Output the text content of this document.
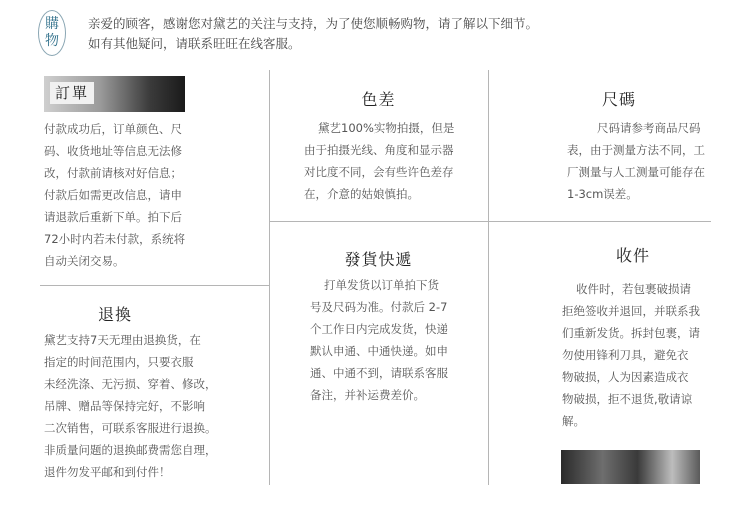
購
物
亲爱的顾客，感谢您对黛艺的关注与支持，为了使您顺畅购物，请了解以下细节。
如有其他疑问，请联系旺旺在线客服。
訂單
付款成功后，订单颜色、尺
码、收货地址等信息无法修
改，付款前请核对好信息；
付款后如需更改信息，请申
请退款后重新下单。拍下后
72小时内若未付款，系统将
自动关闭交易。
色差
黛艺100%实物拍摄，但是
由于拍摄光线、角度和显示器
对比度不同，会有些许色差存
在，介意的姑娘慎拍。
尺碼
尺码请参考商品尺码
表，由于测量方法不同，工
厂测量与人工测量可能存在
1-3cm误差。
退換
黛艺支持7天无理由退换货，在
指定的时间范围内，只要衣服
未经洗涤、无污损、穿着、修改，
吊牌、赠品等保持完好，不影响
二次销售，可联系客服进行退换。
非质量问题的退换邮费需您自理，
退件勿发平邮和到付件！
發貨快遞
打单发货以订单拍下货
号及尺码为准。付款后 2-7
个工作日内完成发货，快递
默认申通、中通快递。如申
通、中通不到，请联系客服
备注，并补运费差价。
收件
收件时，若包裹破损请
拒绝签收并退回，并联系我
们重新发货。拆封包裹，请
勿使用锋利刀具，避免衣
物破损，人为因素造成衣
物破损，拒不退货,敬请谅
解。
